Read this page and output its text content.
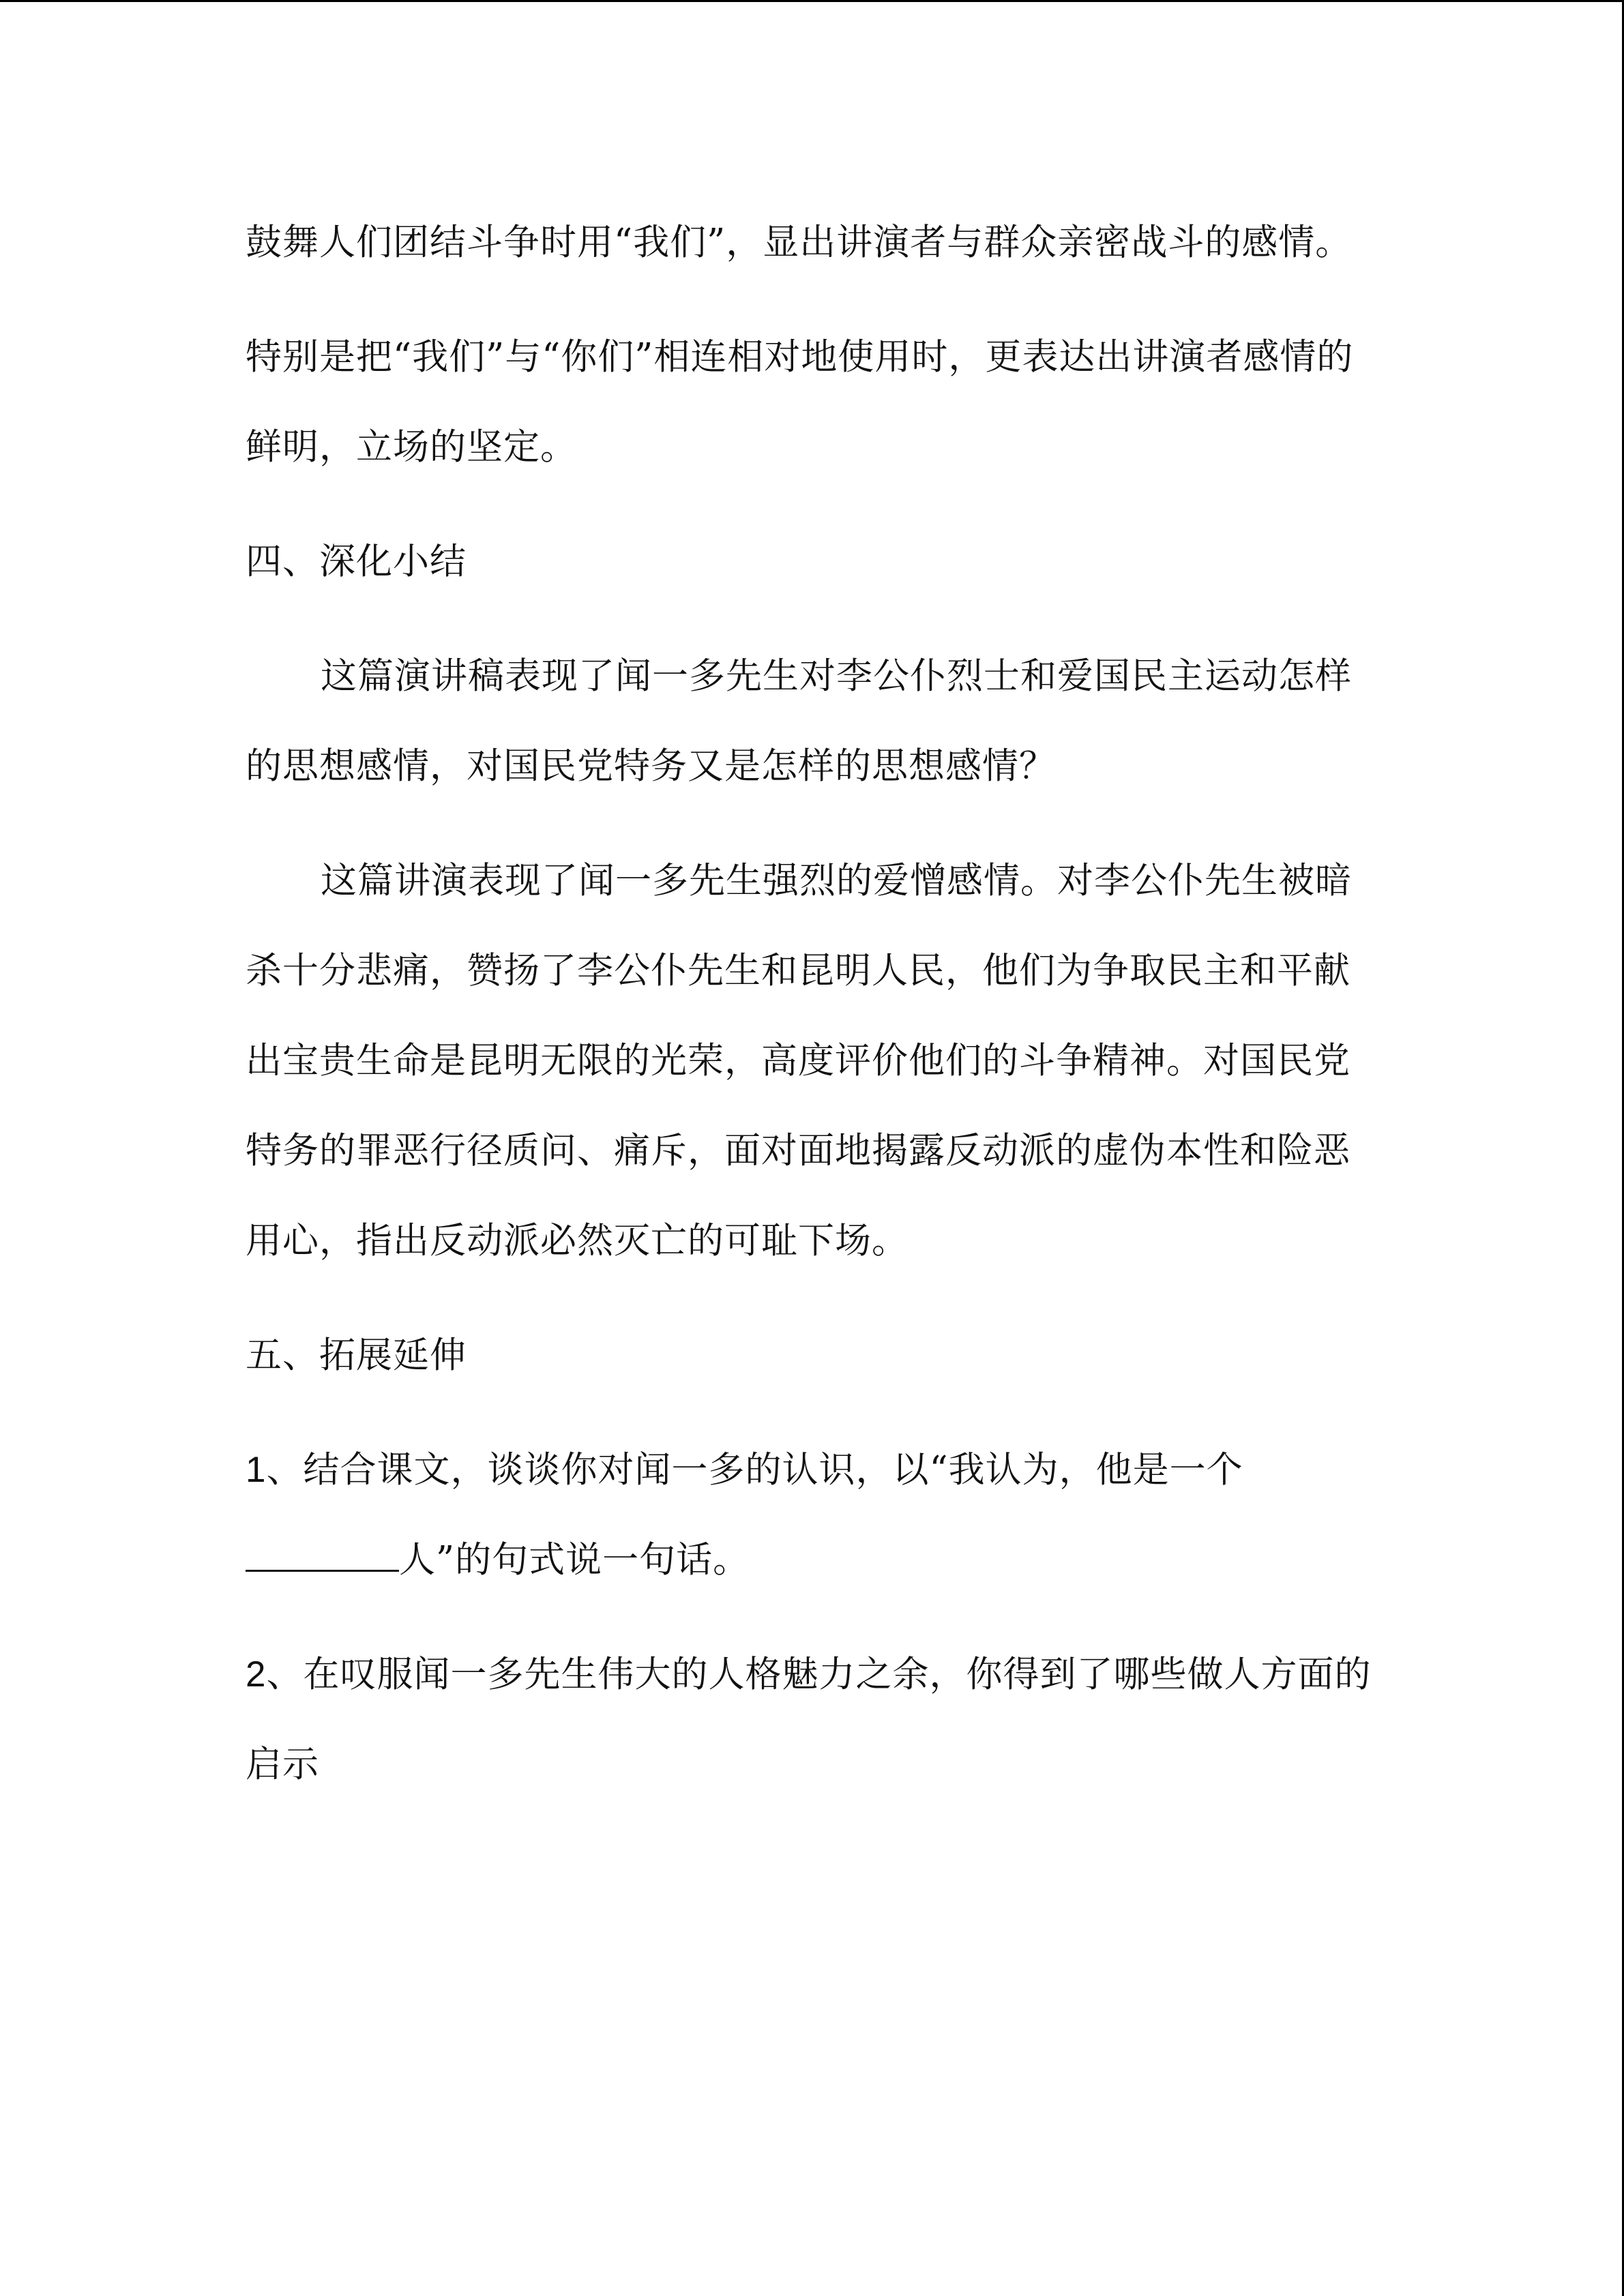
鼓舞人们团结斗争时用“我们”，显出讲演者与群众亲密战斗的感情。

特别是把“我们”与“你们”相连相对地使用时，更表达出讲演者感情的鲜明，立场的坚定。

四、深化小结

这篇演讲稿表现了闻一多先生对李公仆烈士和爱国民主运动怎样的思想感情，对国民党特务又是怎样的思想感情？

这篇讲演表现了闻一多先生强烈的爱憎感情。对李公仆先生被暗杀十分悲痛，赞扬了李公仆先生和昆明人民，他们为争取民主和平献出宝贵生命是昆明无限的光荣，高度评价他们的斗争精神。对国民党特务的罪恶行径质问、痛斥，面对面地揭露反动派的虚伪本性和险恶用心，指出反动派必然灭亡的可耻下场。

五、拓展延伸

1、结合课文，谈谈你对闻一多的认识，以“我认为，他是一个
人”的句式说一句话。

2、在叹服闻一多先生伟大的人格魅力之余，你得到了哪些做人方面的启示
